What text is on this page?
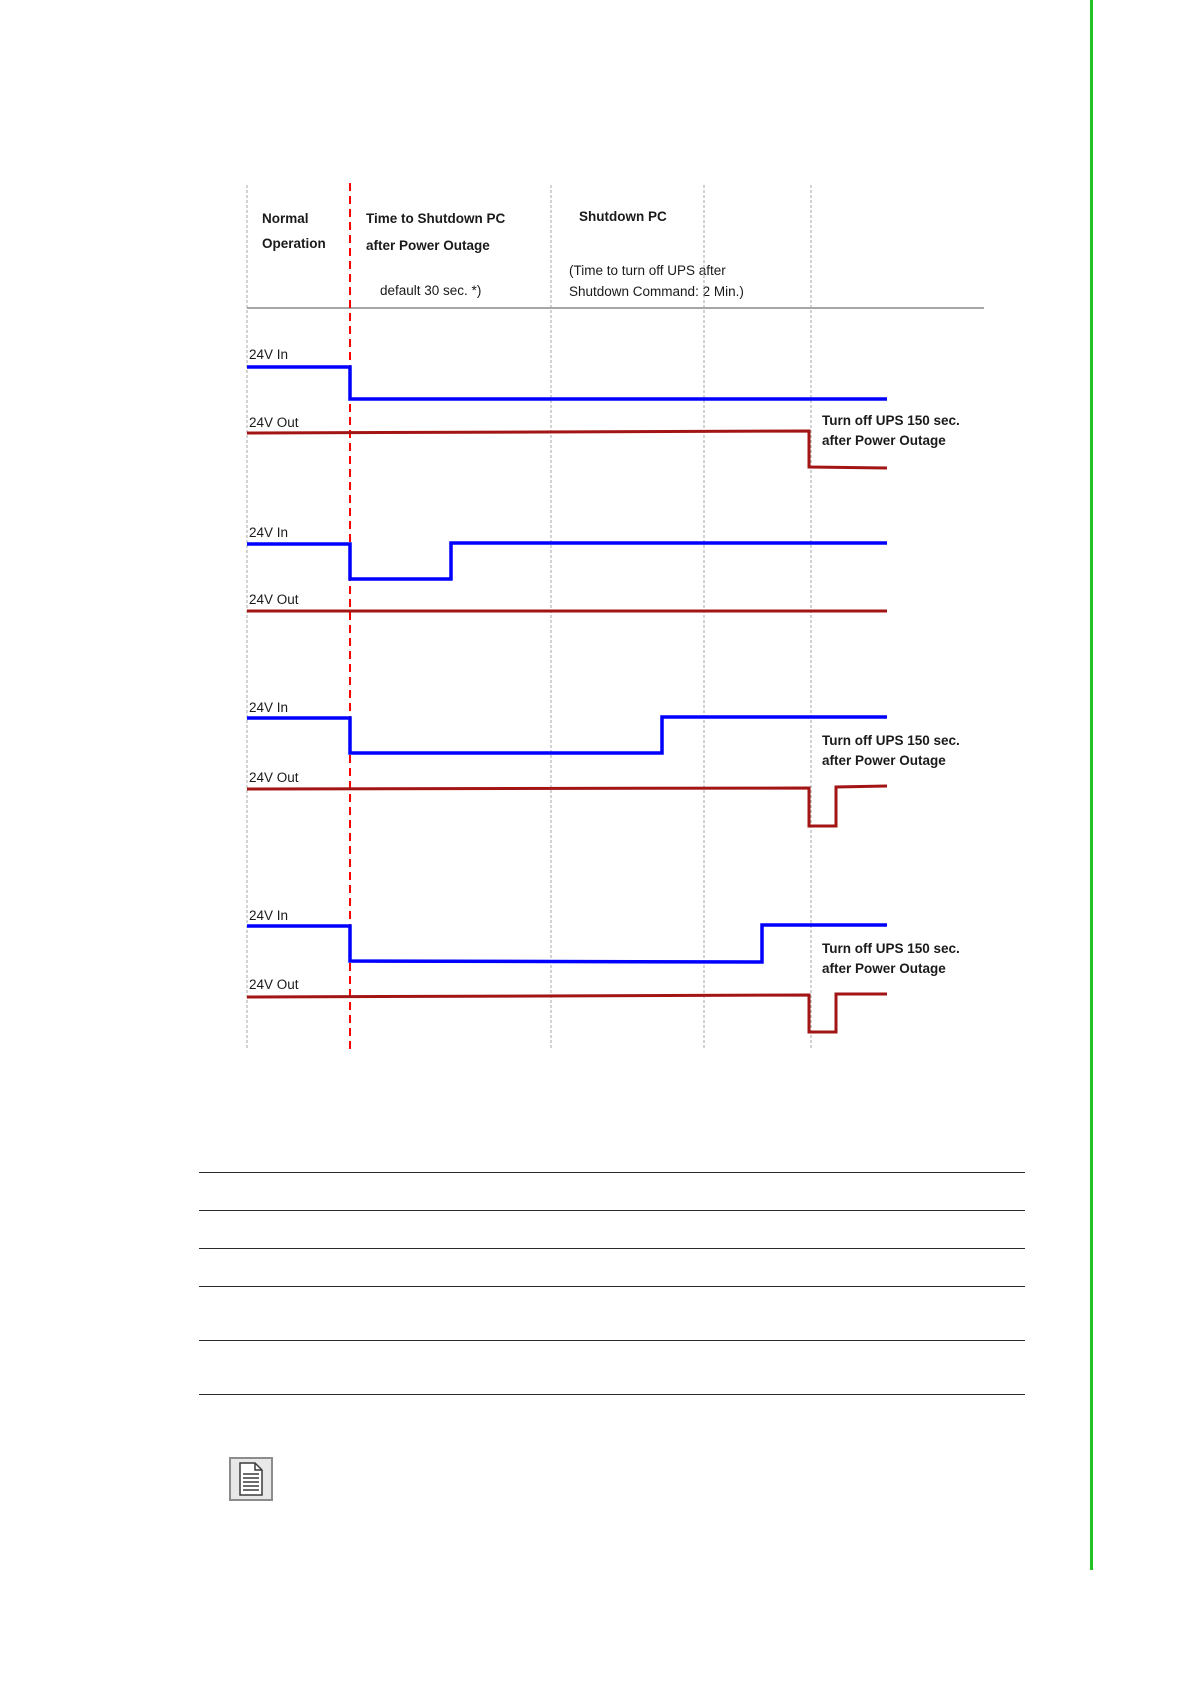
Normal
Operation
Time to Shutdown PC
after Power Outage
default 30 sec. *)
Shutdown PC
(Time to turn off UPS after
Shutdown Command: 2 Min.)
24V In
24V Out	Turn off UPS 150 sec.
after Power Outage
24V In
24V Out
24V In
24V Out
Turn off UPS 150 sec.
after Power Outage
24V In
24V Out
Turn off UPS 150 sec.
after Power Outage
